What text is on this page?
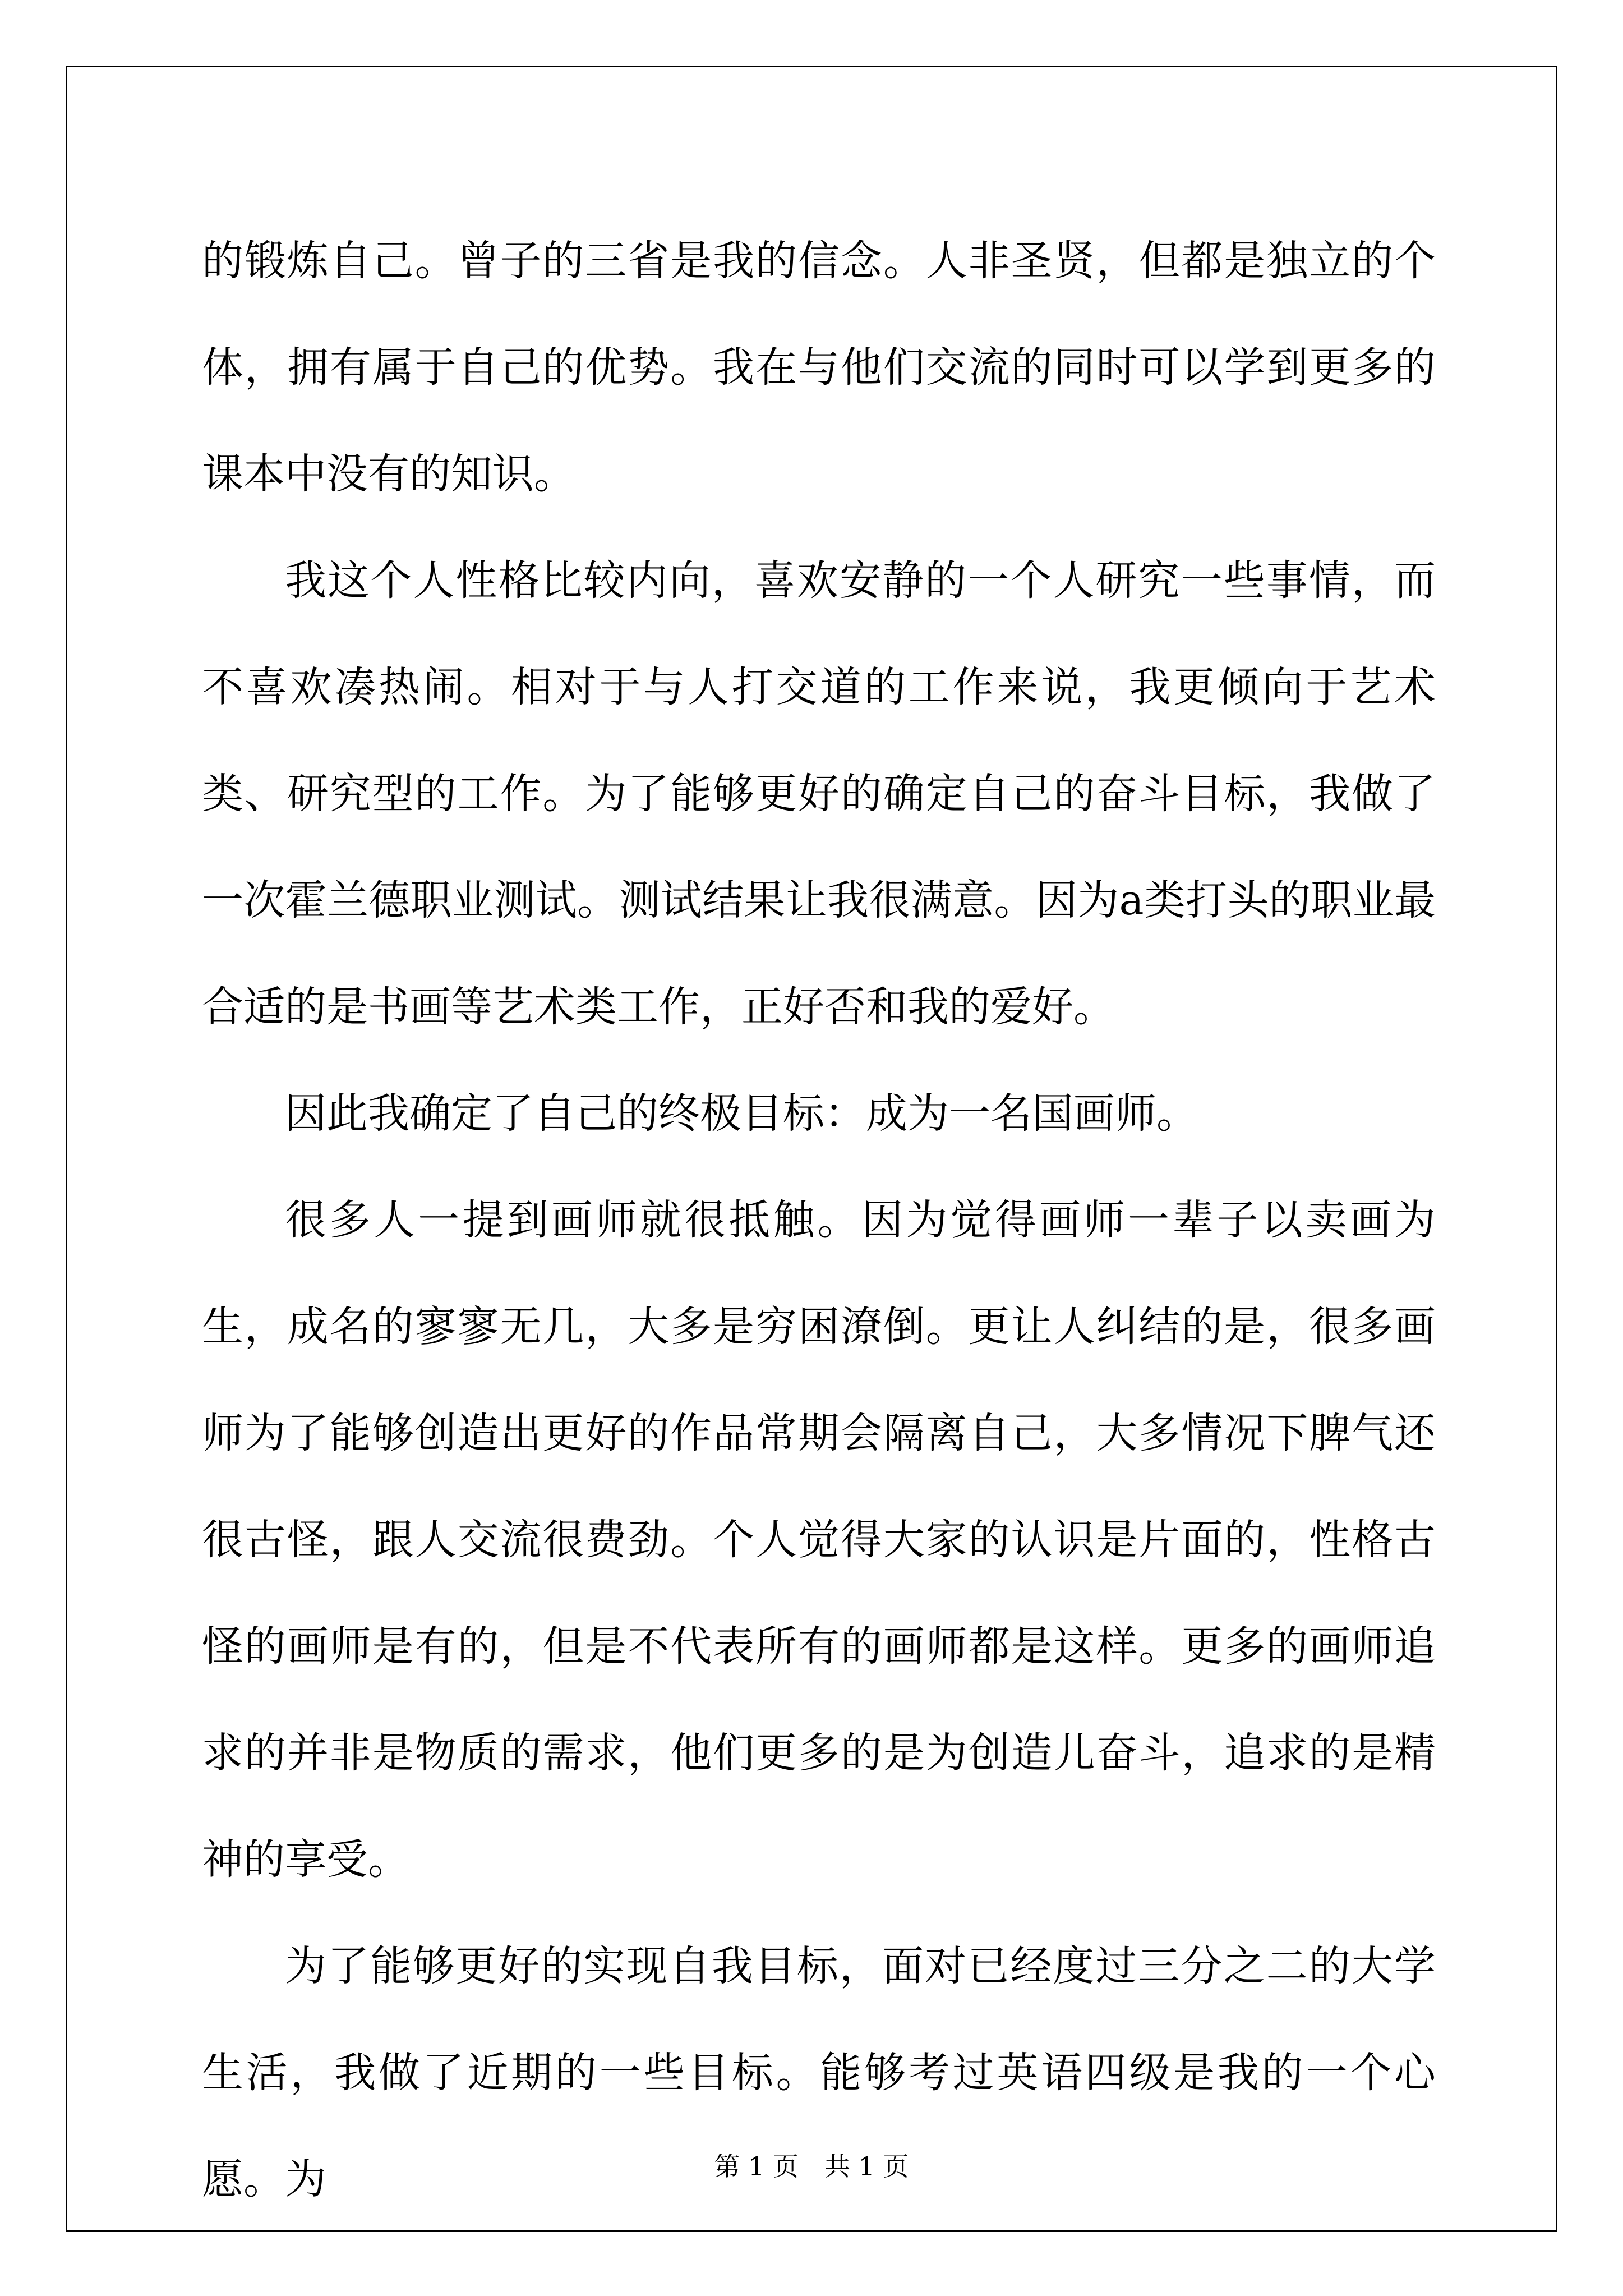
的锻炼自己。曾子的三省是我的信念。人非圣贤，但都是独立的个体，拥有属于自己的优势。我在与他们交流的同时可以学到更多的课本中没有的知识。

我这个人性格比较内向，喜欢安静的一个人研究一些事情，而不喜欢凑热闹。相对于与人打交道的工作来说，我更倾向于艺术类、研究型的工作。为了能够更好的确定自己的奋斗目标，我做了一次霍兰德职业测试。测试结果让我很满意。因为a类打头的职业最合适的是书画等艺术类工作，正好否和我的爱好。

因此我确定了自己的终极目标：成为一名国画师。

很多人一提到画师就很抵触。因为觉得画师一辈子以卖画为生，成名的寥寥无几，大多是穷困潦倒。更让人纠结的是，很多画师为了能够创造出更好的作品常期会隔离自己，大多情况下脾气还很古怪，跟人交流很费劲。个人觉得大家的认识是片面的，性格古怪的画师是有的，但是不代表所有的画师都是这样。更多的画师追求的并非是物质的需求，他们更多的是为创造儿奋斗，追求的是精神的享受。

为了能够更好的实现自我目标，面对已经度过三分之二的大学生活，我做了近期的一些目标。能够考过英语四级是我的一个心愿。为	第 1 页　共 1 页
